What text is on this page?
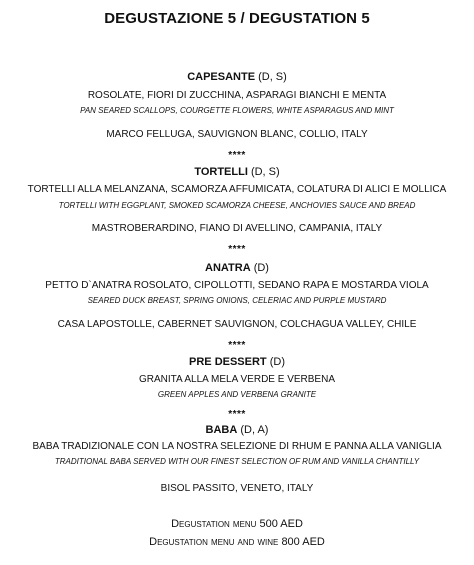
DEGUSTAZIONE 5 / DEGUSTATION 5
CAPESANTE (D, S)
ROSOLATE, FIORI DI ZUCCHINA, ASPARAGI BIANCHI E MENTA
PAN SEARED SCALLOPS, COURGETTE FLOWERS, WHITE ASPARAGUS AND MINT
MARCO FELLUGA, SAUVIGNON BLANC, COLLIO, ITALY
****
TORTELLI (D, S)
TORTELLI ALLA MELANZANA, SCAMORZA AFFUMICATA, COLATURA DI ALICI E MOLLICA
TORTELLI WITH EGGPLANT, SMOKED SCAMORZA CHEESE, ANCHOVIES SAUCE AND BREAD
MASTROBERARDINO, FIANO DI AVELLINO, CAMPANIA, ITALY
****
ANATRA (D)
PETTO D`ANATRA ROSOLATO, CIPOLLOTTI, SEDANO RAPA E MOSTARDA VIOLA
SEARED DUCK BREAST, SPRING ONIONS, CELERIAC AND PURPLE MUSTARD
CASA LAPOSTOLLE, CABERNET SAUVIGNON, COLCHAGUA VALLEY, CHILE
****
PRE DESSERT (D)
GRANITA ALLA MELA VERDE E VERBENA
GREEN APPLES AND VERBENA GRANITE
****
BABA (D, A)
BABA TRADIZIONALE CON LA NOSTRA SELEZIONE DI RHUM E PANNA ALLA VANIGLIA
TRADITIONAL BABA SERVED WITH OUR FINEST SELECTION OF RUM AND VANILLA CHANTILLY
BISOL PASSITO, VENETO, ITALY
Degustation menu 500 AED
Degustation menu and wine 800 AED
